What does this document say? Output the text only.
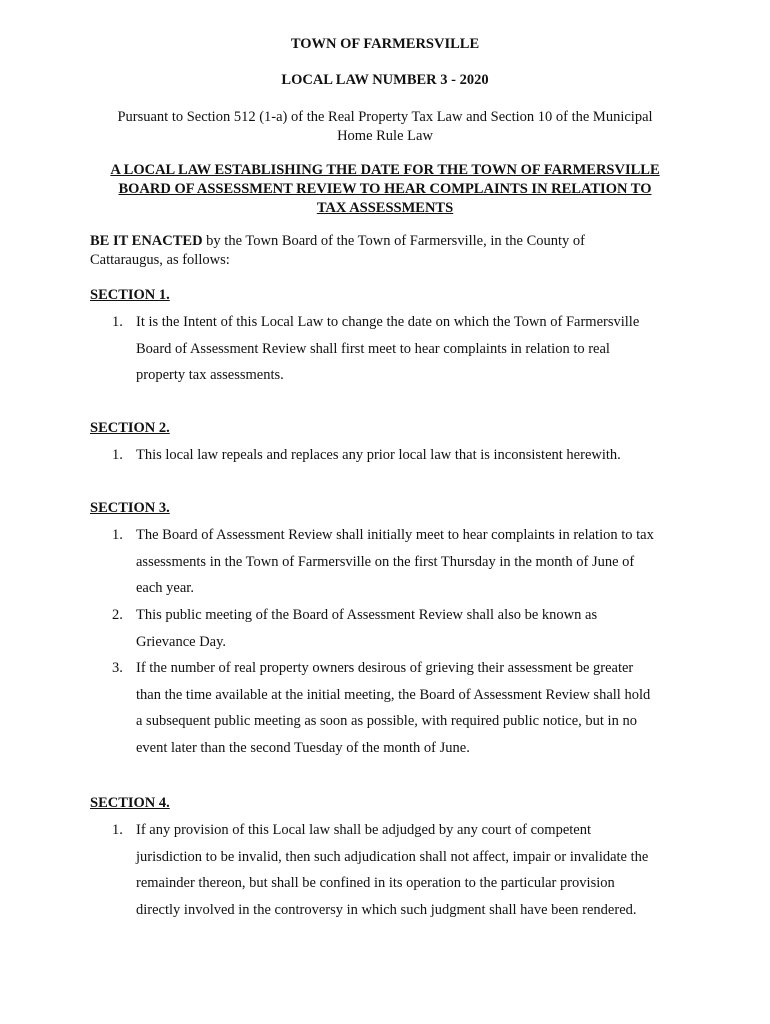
TOWN OF FARMERSVILLE
LOCAL LAW NUMBER 3 - 2020
Pursuant to Section 512 (1-a) of the Real Property Tax Law and Section 10 of the Municipal
Home Rule Law
A LOCAL LAW ESTABLISHING THE DATE FOR THE TOWN OF FARMERSVILLE
BOARD OF ASSESSMENT REVIEW TO HEAR COMPLAINTS IN RELATION TO
TAX ASSESSMENTS
BE IT ENACTED by the Town Board of the Town of Farmersville, in the County of
Cattaraugus, as follows:
SECTION 1.
1. It is the Intent of this Local Law to change the date on which the Town of Farmersville
Board of Assessment Review shall first meet to hear complaints in relation to real
property tax assessments.
SECTION 2.
1. This local law repeals and replaces any prior local law that is inconsistent herewith.
SECTION 3.
1. The Board of Assessment Review shall initially meet to hear complaints in relation to tax
assessments in the Town of Farmersville on the first Thursday in the month of June of
each year.
2. This public meeting of the Board of Assessment Review shall also be known as
Grievance Day.
3. If the number of real property owners desirous of grieving their assessment be greater
than the time available at the initial meeting, the Board of Assessment Review shall hold
a subsequent public meeting as soon as possible, with required public notice, but in no
event later than the second Tuesday of the month of June.
SECTION 4.
1. If any provision of this Local law shall be adjudged by any court of competent
jurisdiction to be invalid, then such adjudication shall not affect, impair or invalidate the
remainder thereon, but shall be confined in its operation to the particular provision
directly involved in the controversy in which such judgment shall have been rendered.
